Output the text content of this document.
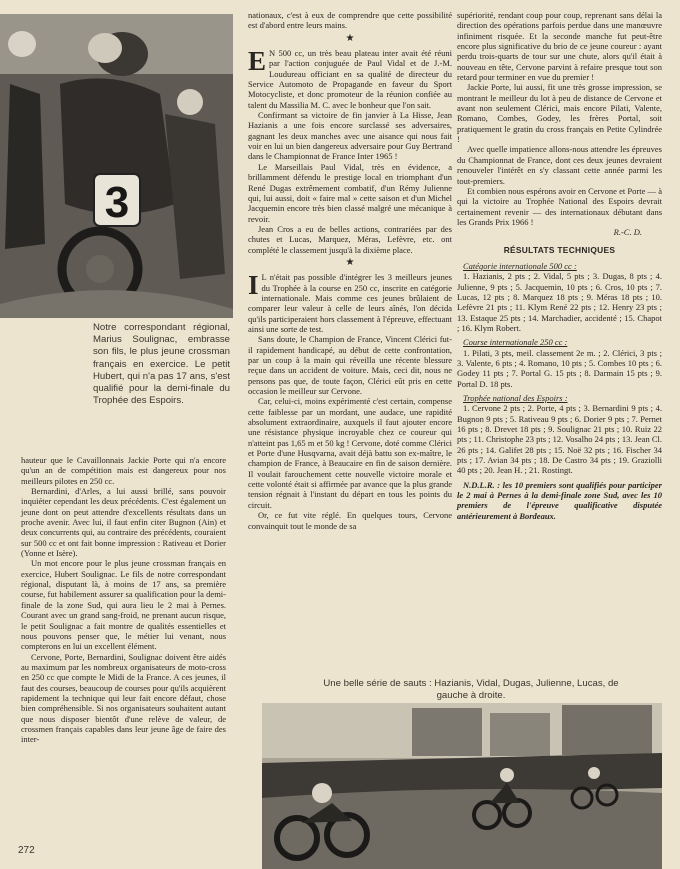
3
Notre correspondant régional, Marius Soulignac, embrasse son fils, le plus jeune crossman français en exercice. Le petit Hubert, qui n'a pas 17 ans, s'est qualifié pour la demi-finale du Trophée des Espoirs.

hauteur que le Cavaillonnais Jackie Porte qui n'a encore qu'un an de compétition mais est dangereux pour nos meilleurs pilotes en 250 cc.

Bernardini, d'Arles, a lui aussi brillé, sans pouvoir inquiéter cependant les deux précédents. C'est également un jeune dont on peut attendre d'excellents résultats dans un proche avenir. Avec lui, il faut enfin citer Bugnon (Ain) et deux concurrents qui, au contraire des précédents, couraient sur 500 cc et ont fait bonne impression : Rativeau et Dorier (Yonne et Isère).

Un mot encore pour le plus jeune crossman français en exercice, Hubert Soulignac. Le fils de notre correspondant régional, disputant là, à moins de 17 ans, sa première course, fut habilement assurer sa qualification pour la demi-finale de la zone Sud, qui aura lieu le 2 mai à Pernes. Courant avec un grand sang-froid, ne prenant aucun risque, le petit Soulignac a fait montre de qualités essentielles et nous pouvons penser que, le métier lui venant, nous compterons en lui un excellent élément.

Cervone, Porte, Bernardini, Soulignac doivent être aidés au maximum par les nombreux organisateurs de moto-cross en 250 cc que compte le Midi de la France. A ces jeunes, il faut des courses, beaucoup de courses pour qu'ils acquièrent rapidement la technique qui leur fait encore défaut, chose bien compréhensible. Si nos organisateurs souhaitent autant que nous disposer bientôt d'une relève de valeur, de crossmen français capables dans leur jeune âge de faire des inter-

nationaux, c'est à eux de comprendre que cette possibilité est d'abord entre leurs mains.

★

E N 500 cc, un très beau plateau inter avait été réuni par l'action conjuguée de Paul Vidal et de J.-M. Loudureau officiant en sa qualité de directeur du Service Automoto de Propagande en faveur du Sport Motocycliste, et donc promoteur de la réunion confiée au talent du Massilia M. C. avec le bonheur que l'on sait.

Confirmant sa victoire de fin janvier à La Hisse, Jean Hazianis a une fois encore surclassé ses adversaires, gagnant les deux manches avec une aisance qui nous fait voir en lui un bien dangereux adversaire pour Guy Bertrand dans le Championnat de France Inter 1965 !

Le Marseillais Paul Vidal, très en évidence, a brillamment défendu le prestige local en triomphant d'un René Dugas extrêmement combatif, d'un Rémy Julienne qui, lui aussi, doit « faire mal » cette saison et d'un Michel Jacquemin encore très bien classé malgré une mécanique à revoir.

Jean Cros a eu de belles actions, contrariées par des chutes et Lucas, Marquez, Méras, Lefèvre, etc. ont complété le classement jusqu'à la dixième place.

★

I L n'était pas possible d'intégrer les 3 meilleurs jeunes du Trophée à la course en 250 cc, inscrite en catégorie internationale. Mais comme ces jeunes brûlaient de comparer leur valeur à celle de leurs aînés, l'on décida qu'ils participeraient hors classement à l'épreuve, effectuant ainsi une sorte de test.

Sans doute, le Champion de France, Vincent Clérici fut-il rapidement handicapé, au début de cette confrontation, par un coup à la main qui réveilla une récente blessure reçue dans un accident de voiture. Mais, ceci dit, nous ne pensons pas que, de toute façon, Clérici eût pris en cette occasion le meilleur sur Cervone.

Car, celui-ci, moins expérimenté c'est certain, compense cette faiblesse par un mordant, une audace, une rapidité absolument extraordinaire, auxquels il faut ajouter encore une résistance physique incroyable chez ce coureur qui n'atteint pas 1,65 m et 50 kg ! Cervone, doté comme Clérici et Porte d'une Husqvarna, avait déjà battu son ex-maître, le champion de France, à Beaucaire en fin de saison dernière. Il voulait farouchement cette nouvelle victoire morale et cette volonté était si affirmée par avance que la plus grande tension régnait à l'instant du départ en tous les points du circuit.

Or, ce fut vite réglé. En quelques tours, Cervone convainquit tout le monde de sa

supériorité, rendant coup pour coup, reprenant sans délai la direction des opérations parfois perdue dans une manœuvre infiniment risquée. Et la seconde manche fut peut-être encore plus significative du brio de ce jeune coureur : ayant perdu trois-quarts de tour sur une chute, alors qu'il était à nouveau en tête, Cervone parvint à refaire presque tout son retard pour terminer en vue du premier !

Jackie Porte, lui aussi, fit une très grosse impression, se montrant le meilleur du lot à peu de distance de Cervone et avant non seulement Clérici, mais encore Pilati, Valente, Romano, Combes, Godey, les frères Portal, soit pratiquement le gratin du cross français en Petite Cylindrée !

Avec quelle impatience allons-nous attendre les épreuves du Championnat de France, dont ces deux jeunes devraient renouveler l'intérêt en s'y classant cette année parmi les tout-premiers.

Et combien nous espérons avoir en Cervone et Porte — à qui la victoire au Trophée National des Espoirs devrait certainement revenir — des internationaux débutant dans les Grands Prix 1966 !

R.-C. D.

RÉSULTATS TECHNIQUES

Catégorie internationale 500 cc :

1. Hazianis, 2 pts ; 2. Vidal, 5 pts ; 3. Dugas, 8 pts ; 4. Julienne, 9 pts ; 5. Jacquemin, 10 pts ; 6. Cros, 10 pts ; 7. Lucas, 12 pts ; 8. Marquez 18 pts ; 9. Méras 18 pts ; 10. Lefèvre 21 pts ; 11. Klym René 22 pts ; 12. Henry 23 pts ; 13. Estaque 25 pts ; 14. Marchadier, accidenté ; 15. Chapot ; 16. Klym Robert.

Course internationale 250 cc :

1. Pilati, 3 pts, meil. classement 2e m. ; 2. Clérici, 3 pts ; 3. Valente, 6 pts ; 4. Romano, 10 pts ; 5. Combes 10 pts ; 6. Godey 11 pts ; 7. Portal G. 15 pts ; 8. Darmain 15 pts ; 9. Portal D. 18 pts.

Trophée national des Espoirs :

1. Cervone 2 pts ; 2. Porte, 4 pts ; 3. Bernardini 9 pts ; 4. Bugnon 9 pts ; 5. Rativeau 9 pts ; 6. Dorier 9 pts ; 7. Pernet 16 pts ; 8. Drevet 18 pts ; 9. Soulignac 21 pts ; 10. Ruiz 22 pts ; 11. Christophe 23 pts ; 12. Vosalho 24 pts ; 13. Jean Cl. 26 pts ; 14. Galifet 28 pts ; 15. Noë 32 pts ; 16. Fischer 34 pts ; 17. Avian 34 pts ; 18. De Castro 34 pts ; 19. Graziolli 40 pts ; 20. Jean H. ; 21. Rostingt.

N.D.L.R. : les 10 premiers sont qualifiés pour participer le 2 mai à Pernes à la demi-finale zone Sud, avec les 10 premiers de l'épreuve qualificative disputée antérieurement à Bordeaux.

Une belle série de sauts : Hazianis, Vidal, Dugas, Julienne, Lucas, de gauche à droite.
272
